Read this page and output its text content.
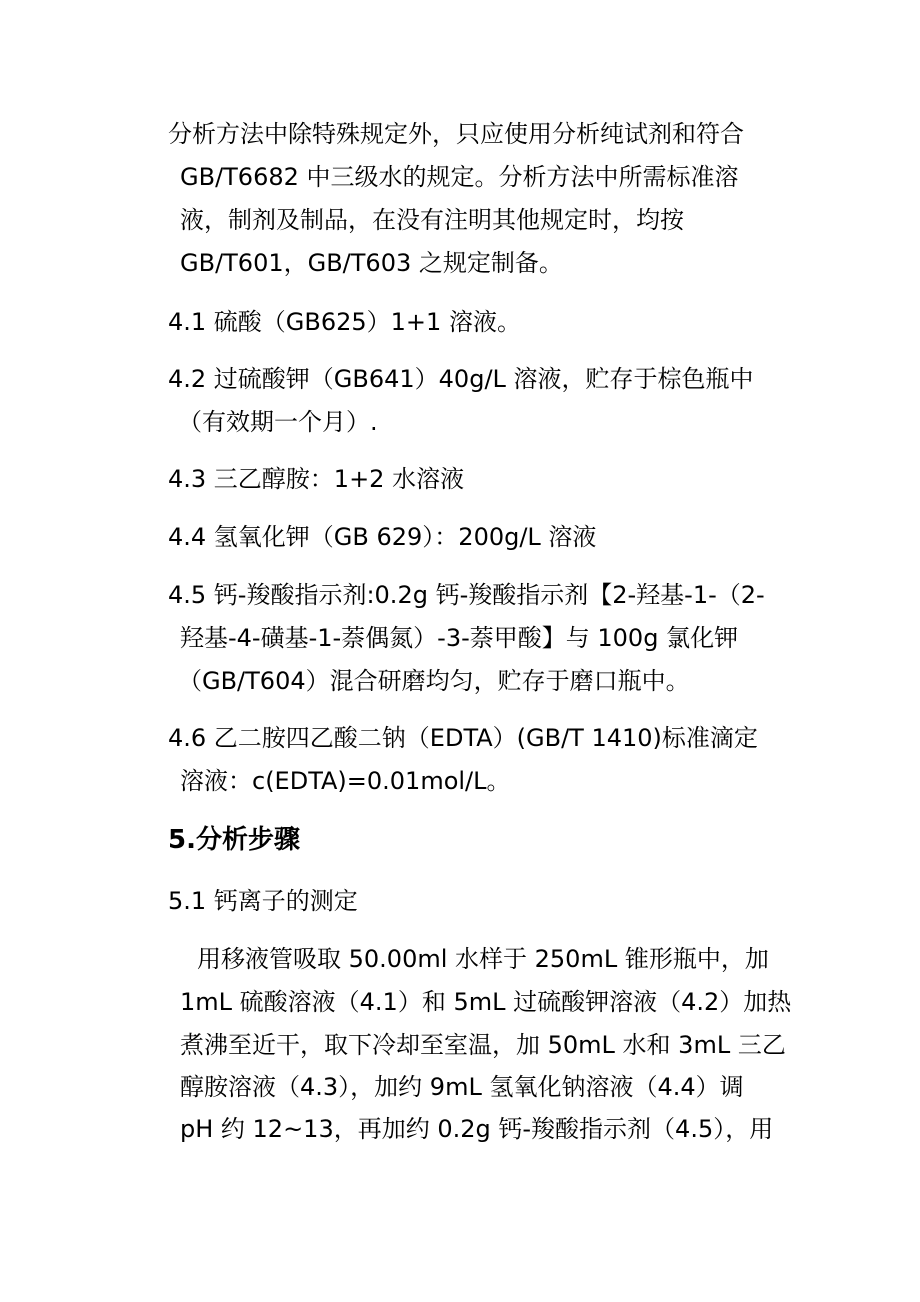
分析方法中除特殊规定外，只应使用分析纯试剂和符合
GB/T6682 中三级水的规定。分析方法中所需标准溶
液，制剂及制品，在没有注明其他规定时，均按
GB/T601，GB/T603 之规定制备。
4.1 硫酸（GB625）1+1 溶液。
4.2 过硫酸钾（GB641）40g/L 溶液，贮存于棕色瓶中
（有效期一个月）.
4.3 三乙醇胺：1+2 水溶液
4.4 氢氧化钾（GB 629）：200g/L 溶液
4.5 钙-羧酸指示剂:0.2g 钙-羧酸指示剂【2-羟基-1-（2-
羟基-4-磺基-1-萘偶氮）-3-萘甲酸】与 100g 氯化钾
（GB/T604）混合研磨均匀，贮存于磨口瓶中。
4.6 乙二胺四乙酸二钠（EDTA）(GB/T 1410)标准滴定
溶液：c(EDTA)=0.01mol/L。
5.分析步骤
5.1 钙离子的测定
用移液管吸取 50.00ml 水样于 250mL 锥形瓶中，加
1mL 硫酸溶液（4.1）和 5mL 过硫酸钾溶液（4.2）加热
煮沸至近干，取下冷却至室温，加 50mL 水和 3mL 三乙
醇胺溶液（4.3），加约 9mL 氢氧化钠溶液（4.4）调
pH 约 12~13，再加约 0.2g 钙-羧酸指示剂（4.5），用
